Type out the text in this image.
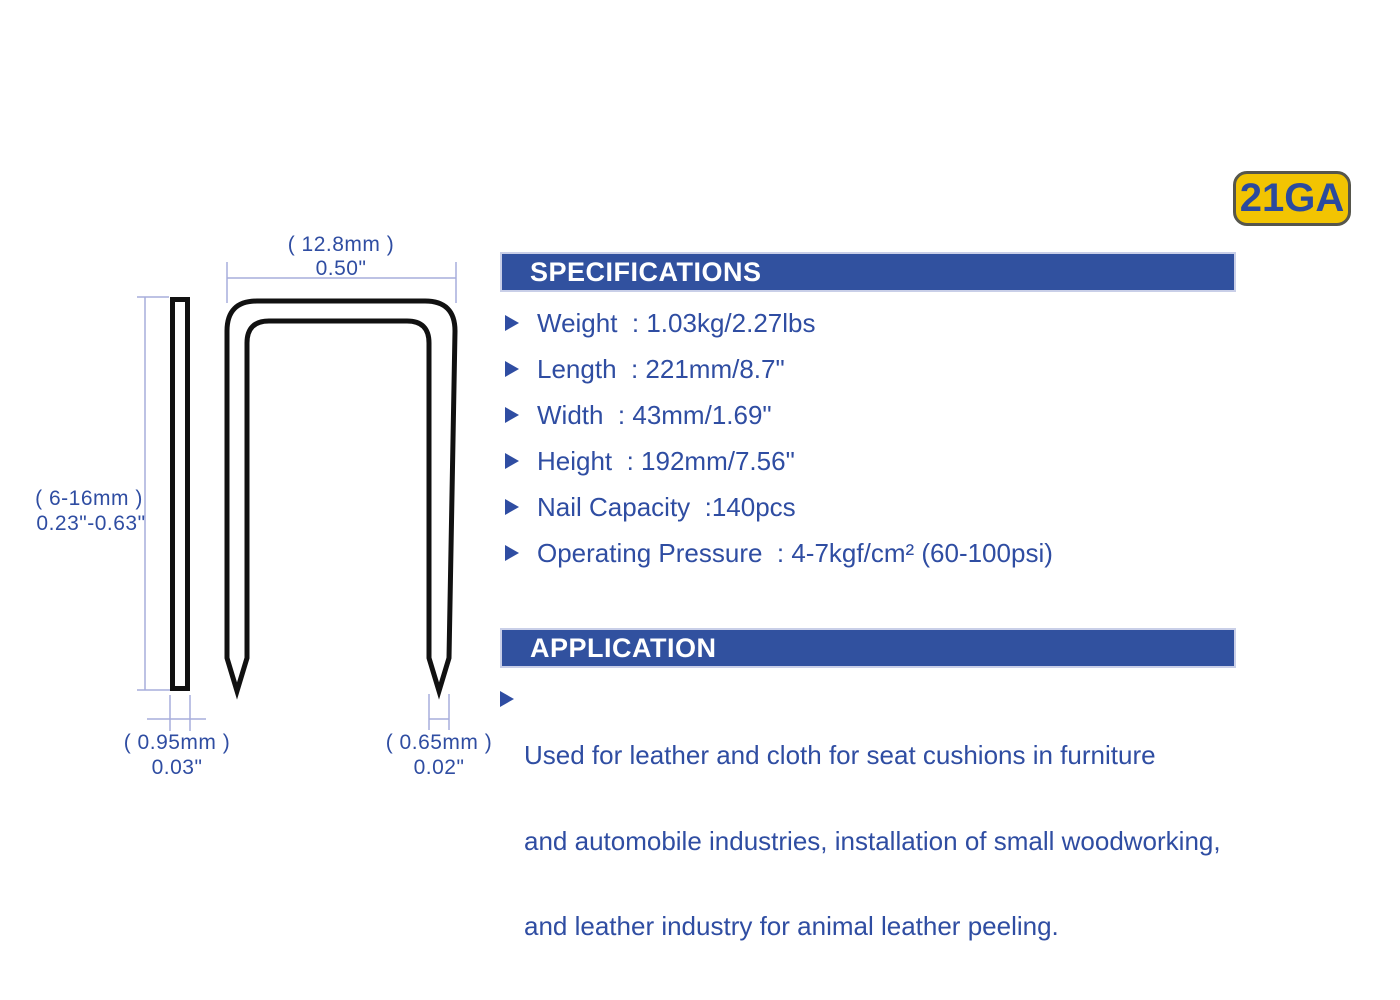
( 12.8mm )
0.50"
( 6-16mm )
0.23"-0.63"
( 0.95mm )
0.03"
( 0.65mm )
0.02"
21GA
SPECIFICATIONS
Weight  : 1.03kg/2.27lbs
Length  : 221mm/8.7"
Width  : 43mm/1.69"
Height  : 192mm/7.56"
Nail Capacity  :140pcs
Operating Pressure  : 4-7kgf/cm² (60-100psi)
APPLICATION

Used for leather and cloth for seat cushions in furniture

and automobile industries, installation of small woodworking,

and leather industry for animal leather peeling.
